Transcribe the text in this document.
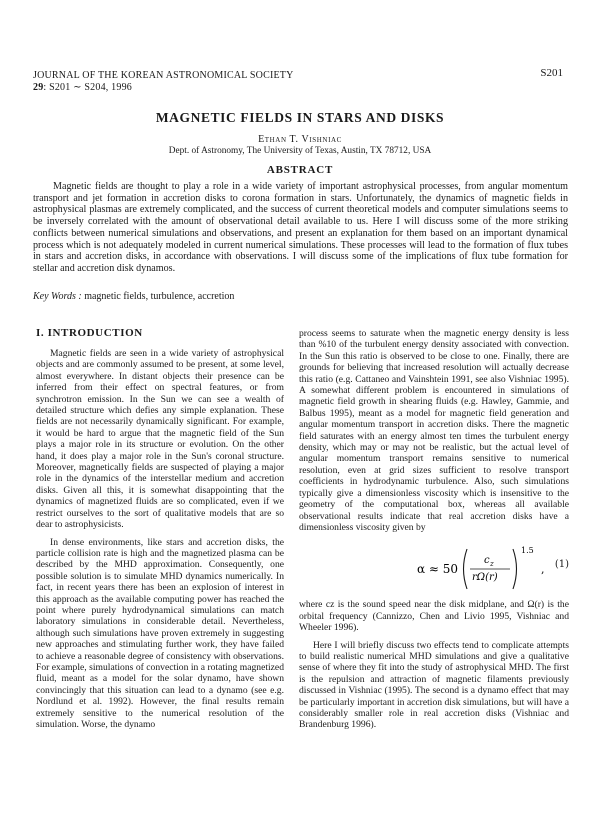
JOURNAL OF THE KOREAN ASTRONOMICAL SOCIETY
29: S201 ∼ S204, 1996
S201
MAGNETIC FIELDS IN STARS AND DISKS
Ethan T. Vishniac
Dept. of Astronomy, The University of Texas, Austin, TX 78712, USA
ABSTRACT
Magnetic fields are thought to play a role in a wide variety of important astrophysical processes, from angular momentum transport and jet formation in accretion disks to corona formation in stars. Unfortunately, the dynamics of magnetic fields in astrophysical plasmas are extremely complicated, and the success of current theoretical models and computer simulations seems to be inversely correlated with the amount of observational detail available to us. Here I will discuss some of the more striking conflicts between numerical simulations and observations, and present an explanation for them based on an important dynamical process which is not adequately modeled in current numerical simulations. These processes will lead to the formation of flux tubes in stars and accretion disks, in accordance with observations. I will discuss some of the implications of flux tube formation for stellar and accretion disk dynamos.
Key Words : magnetic fields, turbulence, accretion
I. INTRODUCTION

Magnetic fields are seen in a wide variety of astrophysical objects and are commonly assumed to be present, at some level, almost everywhere. In distant objects their presence can be inferred from their effect on spectral features, or from synchrotron emission. In the Sun we can see a wealth of detailed structure which defies any simple explanation. These fields are not necessarily dynamically significant. For example, it would be hard to argue that the magnetic field of the Sun plays a major role in its structure or evolution. On the other hand, it does play a major role in the Sun's coronal structure. Moreover, magnetically fields are suspected of playing a major role in the dynamics of the interstellar medium and accretion disks. Given all this, it is somewhat disappointing that the dynamics of magnetized fluids are so complicated, even if we restrict ourselves to the sort of qualitative models that are so dear to astrophysicists.

In dense environments, like stars and accretion disks, the particle collision rate is high and the magnetized plasma can be described by the MHD approximation. Consequently, one possible solution is to simulate MHD dynamics numerically. In fact, in recent years there has been an explosion of interest in this approach as the available computing power has reached the point where purely hydrodynamical simulations can match laboratory simulations in considerable detail. Nevertheless, although such simulations have proven extremely in suggesting new approaches and stimulating further work, they have failed to achieve a reasonable degree of consistency with observations. For example, simulations of convection in a rotating magnetized fluid, meant as a model for the solar dynamo, have shown convincingly that this situation can lead to a dynamo (see e.g. Nordlund et al. 1992). However, the final results remain extremely sensitive to the numerical resolution of the simulation. Worse, the dynamo

process seems to saturate when the magnetic energy density is less than %10 of the turbulent energy density associated with convection. In the Sun this ratio is observed to be close to one. Finally, there are grounds for believing that increased resolution will actually decrease this ratio (e.g. Cattaneo and Vainshtein 1991, see also Vishniac 1995). A somewhat different problem is encountered in simulations of magnetic field growth in shearing fluids (e.g. Hawley, Gammie, and Balbus 1995), meant as a model for magnetic field generation and angular momentum transport in accretion disks. There the magnetic field saturates with an energy almost ten times the turbulent energy density, which may or may not be realistic, but the actual level of angular momentum transport remains sensitive to numerical resolution, even at grid sizes sufficient to resolve transport coefficients in hydrodynamic turbulence. Also, such simulations typically give a dimensionless viscosity which is insensitive to the geometry of the computational box, whereas all available observational results indicate that real accretion disks have a dimensionless viscosity given by

α ≈ 50
c z
rΩ(r)
1.5
, (1)

where cz is the sound speed near the disk midplane, and Ω(r) is the orbital frequency (Cannizzo, Chen and Livio 1995, Vishniac and Wheeler 1996).

Here I will briefly discuss two effects tend to complicate attempts to build realistic numerical MHD simulations and give a qualitative sense of where they fit into the study of astrophysical MHD. The first is the repulsion and attraction of magnetic filaments previously discussed in Vishniac (1995). The second is a dynamo effect that may be particularly important in accretion disk simulations, but will have a considerably smaller role in real accretion disks (Vishniac and Brandenburg 1996).
